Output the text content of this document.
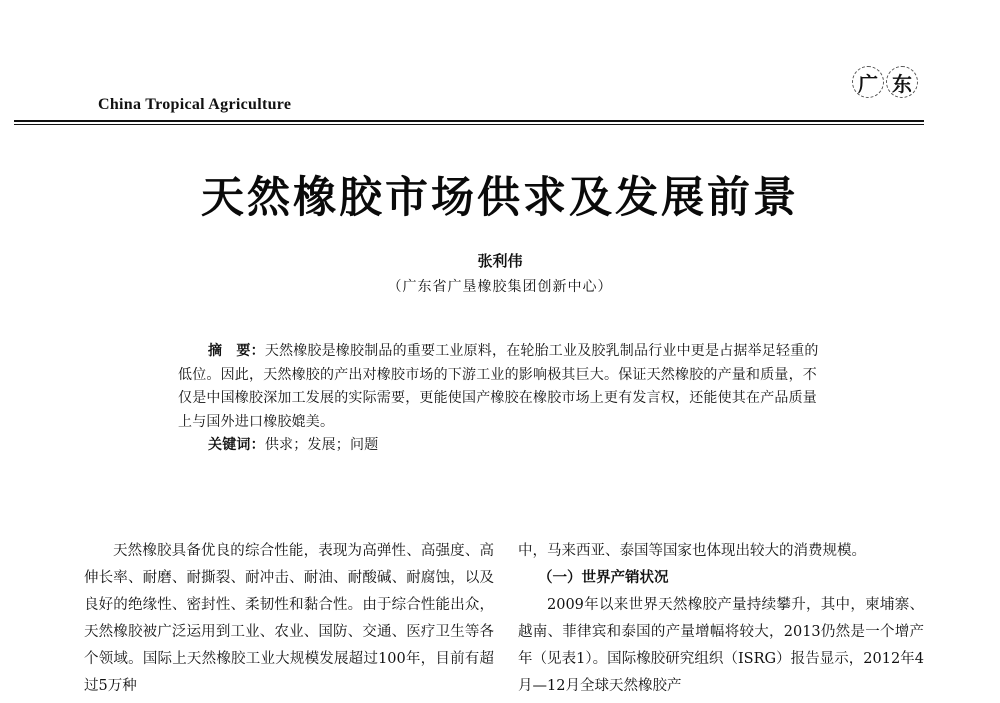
China Tropical Agriculture
广 东
天然橡胶市场供求及发展前景
张利伟
（广东省广垦橡胶集团创新中心）

摘　要：天然橡胶是橡胶制品的重要工业原料，在轮胎工业及胶乳制品行业中更是占据举足轻重的低位。因此，天然橡胶的产出对橡胶市场的下游工业的影响极其巨大。保证天然橡胶的产量和质量，不仅是中国橡胶深加工发展的实际需要，更能使国产橡胶在橡胶市场上更有发言权，还能使其在产品质量上与国外进口橡胶媲美。

关键词：供求；发展；问题

天然橡胶具备优良的综合性能，表现为高弹性、高强度、高伸长率、耐磨、耐撕裂、耐冲击、耐油、耐酸碱、耐腐蚀，以及良好的绝缘性、密封性、柔韧性和黏合性。由于综合性能出众，天然橡胶被广泛运用到工业、农业、国防、交通、医疗卫生等各个领域。国际上天然橡胶工业大规模发展超过100年，目前有超过5万种

中，马来西亚、泰国等国家也体现出较大的消费规模。

（一）世界产销状况

2009年以来世界天然橡胶产量持续攀升，其中，柬埔寨、越南、菲律宾和泰国的产量增幅将较大，2013仍然是一个增产年（见表1）。国际橡胶研究组织（ISRG）报告显示，2012年4月—12月全球天然橡胶产
